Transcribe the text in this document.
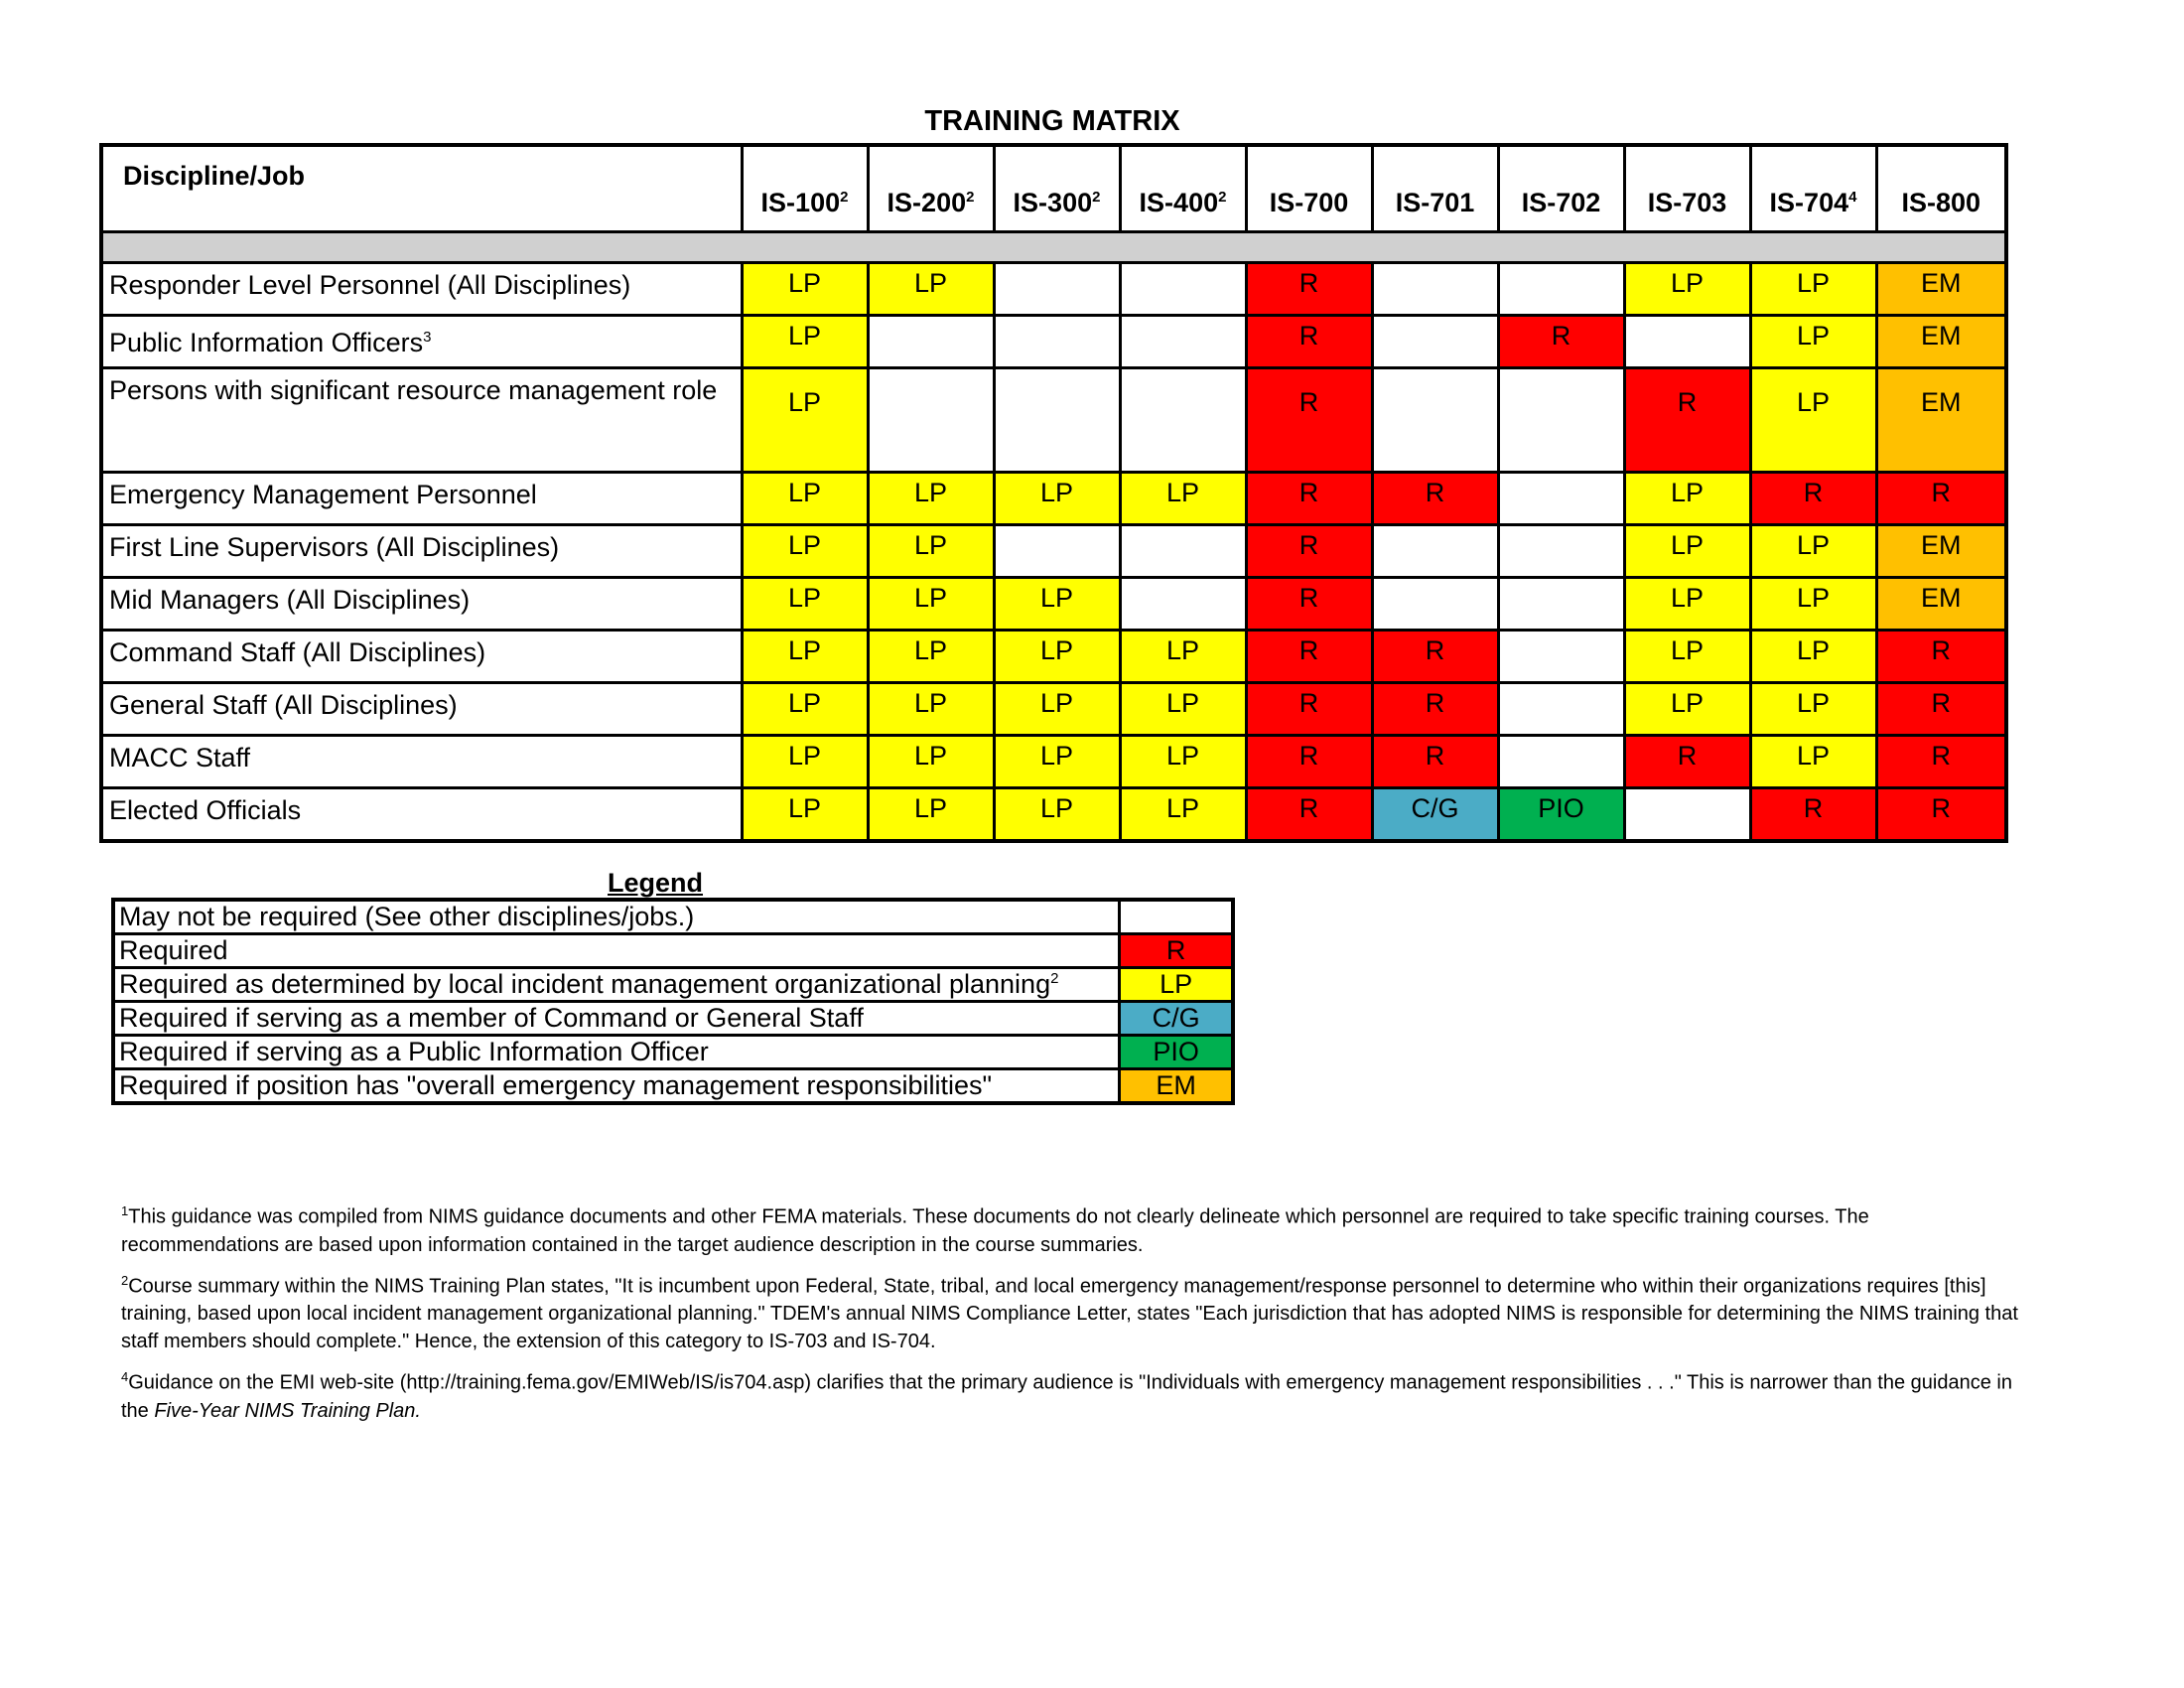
TRAINING MATRIX
Discipline/Job	$IS-100^2$	$IS-200^2$	$IS-300^2$	$IS-400^2$	IS-700	IS-701	IS-702	IS-703	$IS-704^4$	IS-800

Responder Level Personnel (All Disciplines)	LP	LP			R			LP	LP	EM
Public Information Officers$^3$	LP				R		R		LP	EM
Persons with significant resource management role	LP				R			R	LP	EM
Emergency Management Personnel	LP	LP	LP	LP	R	R		LP	R	R
First Line Supervisors (All Disciplines)	LP	LP			R			LP	LP	EM
Mid Managers (All Disciplines)	LP	LP	LP		R			LP	LP	EM
Command Staff (All Disciplines)	LP	LP	LP	LP	R	R		LP	LP	R
General Staff (All Disciplines)	LP	LP	LP	LP	R	R		LP	LP	R
MACC Staff	LP	LP	LP	LP	R	R		R	LP	R
Elected Officials	LP	LP	LP	LP	R	C/G	PIO		R	R
Legend
May not be required (See other disciplines/jobs.)	
Required	R
Required as determined by local incident management organizational planning$^2$	LP
Required if serving as a member of Command or General Staff	C/G
Required if serving as a Public Information Officer	PIO
Required if position has "overall emergency management responsibilities"	EM

$^1$This guidance was compiled from NIMS guidance documents and other FEMA materials. These documents do not clearly delineate which personnel are required to take specific training courses. The recommendations are based upon information contained in the target audience description in the course summaries.

$^2$Course summary within the NIMS Training Plan states, "It is incumbent upon Federal, State, tribal, and local emergency management/response personnel to determine who within their organizations requires [this] training, based upon local incident management organizational planning." TDEM's annual NIMS Compliance Letter, states "Each jurisdiction that has adopted NIMS is responsible for determining the NIMS training that staff members should complete." Hence, the extension of this category to IS-703 and IS-704.

$^4$Guidance on the EMI web-site (http://training.fema.gov/EMIWeb/IS/is704.asp) clarifies that the primary audience is "Individuals with emergency management responsibilities . . ." This is narrower than the guidance in the Five-Year NIMS Training Plan.
